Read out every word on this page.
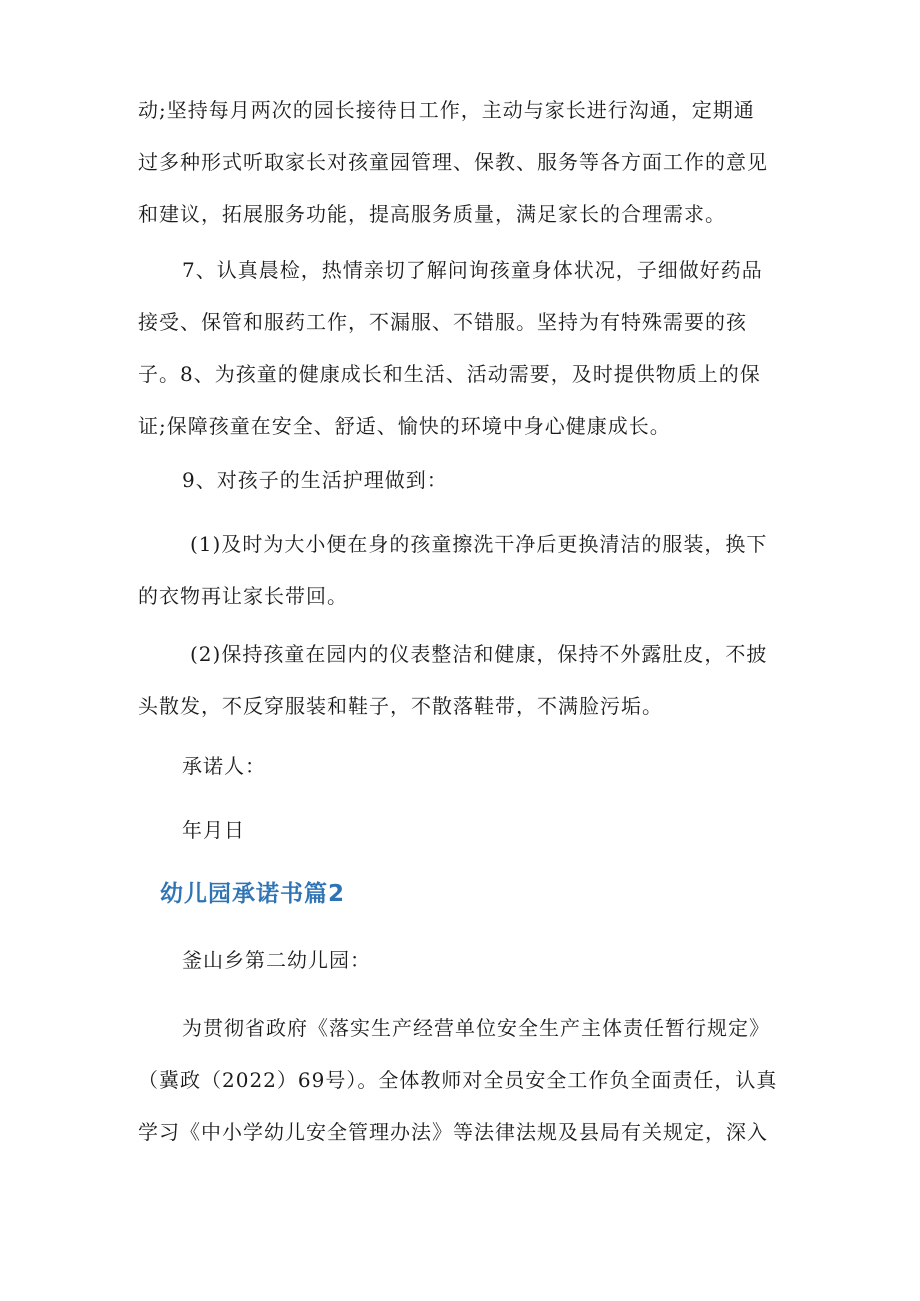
动;坚持每月两次的园长接待日工作，主动与家长进行沟通，定期通
过多种形式听取家长对孩童园管理、保教、服务等各方面工作的意见
和建议，拓展服务功能，提高服务质量，满足家长的合理需求。
7、认真晨检，热情亲切了解问询孩童身体状况，子细做好药品
接受、保管和服药工作，不漏服、不错服。坚持为有特殊需要的孩
子。8、为孩童的健康成长和生活、活动需要，及时提供物质上的保
证;保障孩童在安全、舒适、愉快的环境中身心健康成长。
9、对孩子的生活护理做到：
(1)及时为大小便在身的孩童擦洗干净后更换清洁的服装，换下
的衣物再让家长带回。
(2)保持孩童在园内的仪表整洁和健康，保持不外露肚皮，不披
头散发，不反穿服装和鞋子，不散落鞋带，不满脸污垢。
承诺人：
年月日
幼儿园承诺书篇2
釜山乡第二幼儿园：
为贯彻省政府《落实生产经营单位安全生产主体责任暂行规定》
（冀政（2022）69号）。全体教师对全员安全工作负全面责任，认真
学习《中小学幼儿安全管理办法》等法律法规及县局有关规定，深入
